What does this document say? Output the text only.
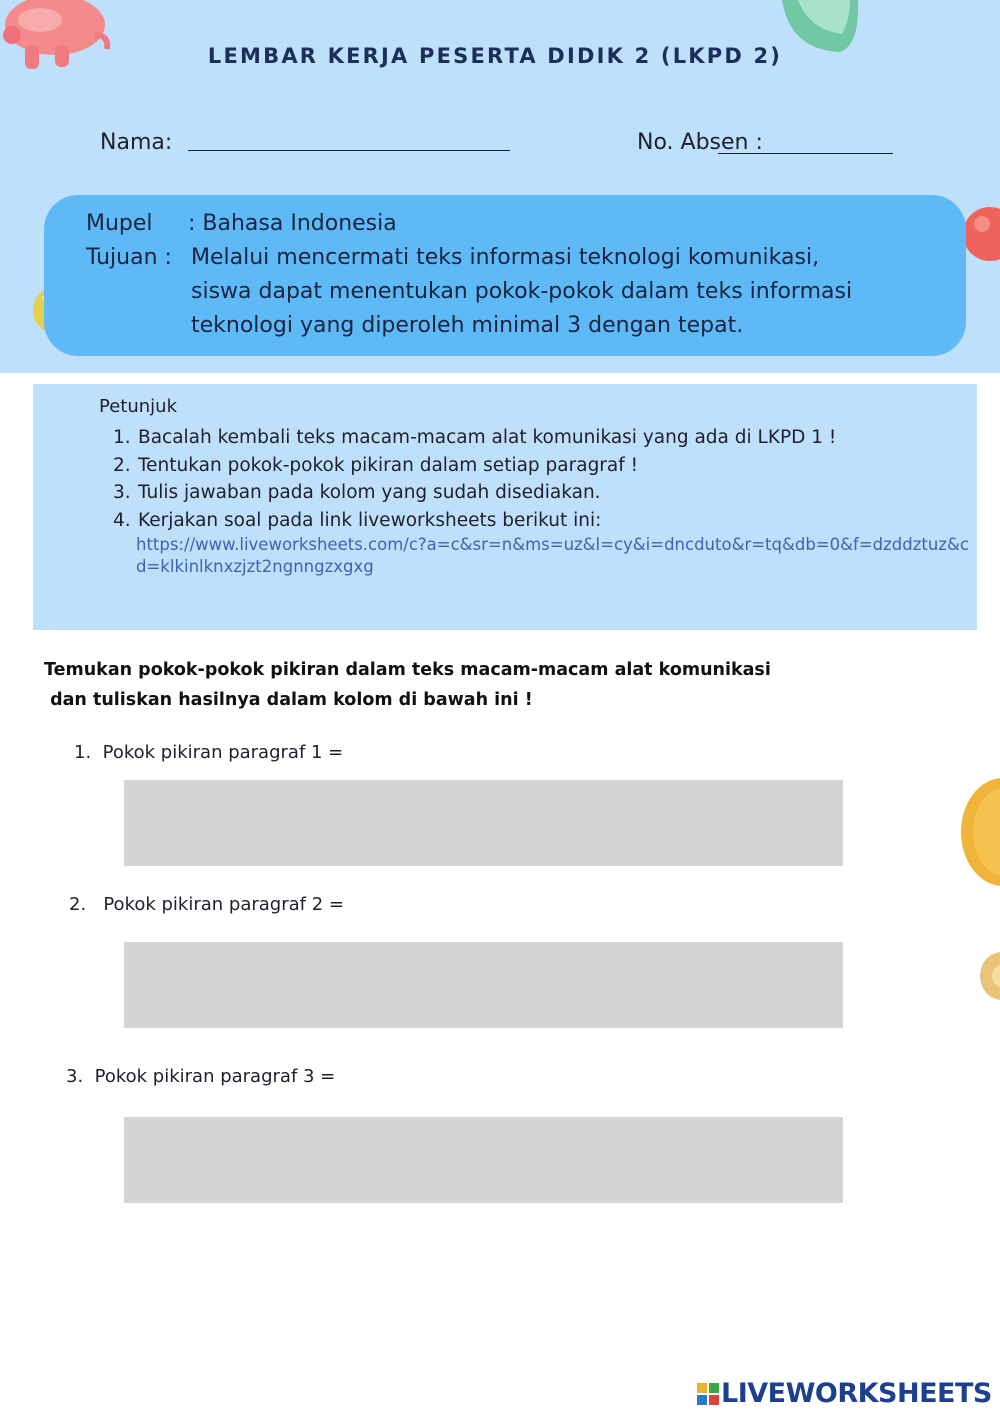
LEMBAR KERJA PESERTA DIDIK 2 (LKPD 2)
Nama:	No. Absen :
Mupel : Bahasa Indonesia
Tujuan : Melalui mencermati teks informasi teknologi komunikasi,
siswa dapat menentukan pokok-pokok dalam teks informasi
teknologi yang diperoleh minimal 3 dengan tepat.
Petunjuk
1. Bacalah kembali teks macam-macam alat komunikasi yang ada di LKPD 1 !
2. Tentukan pokok-pokok pikiran dalam setiap paragraf !
3. Tulis jawaban pada kolom yang sudah disediakan.
4. Kerjakan soal pada link liveworksheets berikut ini:
https://www.liveworksheets.com/c?a=c&sr=n&ms=uz&l=cy&i=dncduto&r=tq&db=0&f=dzddztuz&cd=klkinlknxzjzt2ngnngzxgxg
Temukan pokok-pokok pikiran dalam teks macam-macam alat komunikasi
dan tuliskan hasilnya dalam kolom di bawah ini !
1.  Pokok pikiran paragraf 1 =
2.   Pokok pikiran paragraf 2 =
3.  Pokok pikiran paragraf 3 =
LIVEWORKSHEETS
